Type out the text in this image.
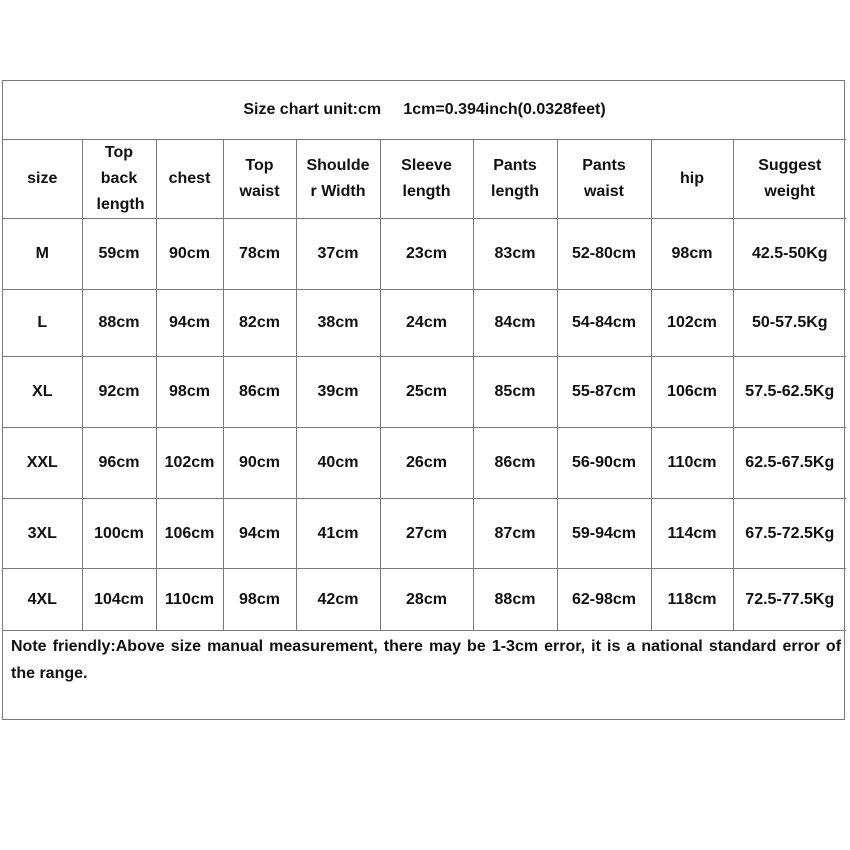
Size chart unit:cm     1cm=0.394inch(0.0328feet)									
size	Top back length	chest	Top waist	Shoulde r Width	Sleeve length	Pants length	Pants waist	hip	Suggest weight
M	59cm	90cm	78cm	37cm	23cm	83cm	52-80cm	98cm	42.5-50Kg
L	88cm	94cm	82cm	38cm	24cm	84cm	54-84cm	102cm	50-57.5Kg
XL	92cm	98cm	86cm	39cm	25cm	85cm	55-87cm	106cm	57.5-62.5Kg
XXL	96cm	102cm	90cm	40cm	26cm	86cm	56-90cm	110cm	62.5-67.5Kg
3XL	100cm	106cm	94cm	41cm	27cm	87cm	59-94cm	114cm	67.5-72.5Kg
4XL	104cm	110cm	98cm	42cm	28cm	88cm	62-98cm	118cm	72.5-77.5Kg
Note friendly:Above size manual measurement, there may be 1-3cm error, it is a national standard error of the range.									
